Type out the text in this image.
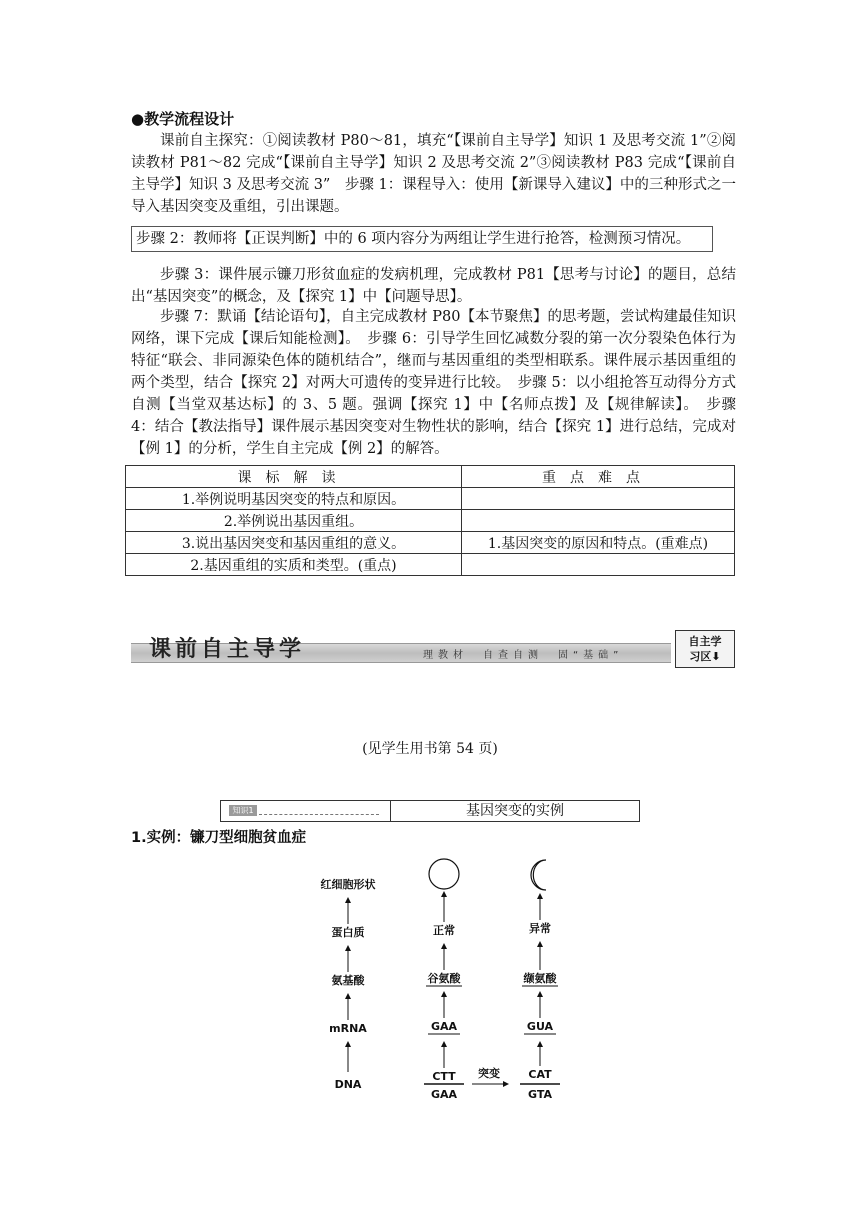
●教学流程设计

课前自主探究：①阅读教材 P80～81，填充“【课前自主导学】知识 1 及思考交流 1”②阅读教材 P81～82 完成“【课前自主导学】知识 2 及思考交流 2”③阅读教材 P83 完成“【课前自主导学】知识 3 及思考交流 3”　步骤 1：课程导入：使用【新课导入建议】中的三种形式之一导入基因突变及重组，引出课题。

步骤 2：教师将【正误判断】中的 6 项内容分为两组让学生进行抢答，检测预习情况。

步骤 3：课件展示镰刀形贫血症的发病机理，完成教材 P81【思考与讨论】的题目，总结出“基因突变”的概念，及【探究 1】中【问题导思】。

步骤 7：默诵【结论语句】，自主完成教材 P80【本节聚焦】的思考题，尝试构建最佳知识网络，课下完成【课后知能检测】。　步骤 6：引导学生回忆减数分裂的第一次分裂染色体行为特征“联会、非同源染色体的随机结合”，继而与基因重组的类型相联系。课件展示基因重组的两个类型，结合【探究 2】对两大可遗传的变异进行比较。　步骤 5：以小组抢答互动得分方式自测【当堂双基达标】的 3、5 题。强调【探究 1】中【名师点拨】及【规律解读】。　步骤 4：结合【教法指导】课件展示基因突变对生物性状的影响，结合【探究 1】进行总结，完成对【例 1】的分析，学生自主完成【例 2】的解答。

课标解读	重点难点
1.举例说明基因突变的特点和原因。	
2.举例说出基因重组。	
3.说出基因突变和基因重组的意义。	1.基因突变的原因和特点。(重难点)
2.基因重组的实质和类型。(重点)	
课前自主导学	理教材　自查自测　固“基础”
自主学
习区⬇
(见学生用书第 54 页)
知识1	基因突变的实例
1.实例：镰刀型细胞贫血症
红细胞形状
蛋白质
氨基酸
mRNA
DNA
正常
谷氨酸
GAA
CTT
GAA
突变
异常
缬氨酸
GUA
CAT
GTA
